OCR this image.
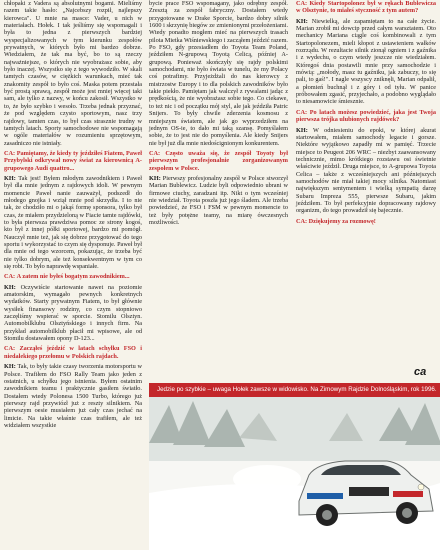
chłopaki z Vadera są absolutnymi bogami. Mieliśmy razem takie hasło: „Najcebszy rozpił, najlepszy kierowca". U mnie na masce: Vader, u nich w materiałach. Hołek. I tak jeśliśmy się wspomagali i była to jedna z pierwszych bardziej wyspecjalizowanych w tym kierunku zespołów prywatnych, w których było mi bardzo dobrze. Wiedziałem, że tak ma być, bo to są rzeczy najważniejsze, o których nie wyobrażasz sobie, aby było inaczej. Wszystko się z tego wywodziło. W skali tamtych czasów, w ciężkich warunkach, mieć tak znakomity zespół to było coś. Maska potem przestała być prostą sprawą, zespół może jest mniej więcej taki sam, ale tylko z nazwy, w końcu zakosił. Wszystko w to, że było szybko i wesoło. Trzeba jednak przyznać, że pod względem czysto sportowym, nasz trzy rajdowy, tamten czas, to był czas strasznie trudny w tamtych latach. Sporty samochodowe nie wspomagają w ogóle materiałów w rozumieniu sprzętowym, zasadniczo nie istniały.

CA: Pamiętamy, że kiedy ty jeździłeś Fiatem, Paweł Przybylski odkrywał nowy świat za kierownicą A-grupowego Audi quattro...

KH: Tak jest! Byłem młodym zawodnikiem i Paweł był dla mnie jednym z rajdowych idoli. W pewnym momencie Paweł nanie zauważył, podszedł do młodego gnojka i wziął mnie pod skrzydła. I to nie tak, że chodziło mi o jakąś formę sponsora, tylko był czas, że miałem przydzieloną w Fiacie tamte rajdówki, to była pierwsza prawdziwa pomoc ze strony kogoś, kto był z innej półki sportowej, bardzo mi pomógł. Nauczył mnie też, jak się dobrze przygotować do tego sportu i wykorzystać to czym się dysponuje. Paweł był dla mnie od tego wzorcem, pokazując, że trzeba być nie tylko dobrym, ale też konsekwentnym w tym co się robi. To było naprawdę wspaniałe.

CA: A zatem nie byłeś bogatym zawodnikiem...

KH: Oczywiście startowanie nawet na poziomie amatorskim, wymagało pewnych konkretnych wydatków. Starty prywatnym Fiatem, to był głównie wysiłek finansowy rodziny, co czym stopniowo zaczęliśmy wspierać w sporcie. Stomilu Olsztyn. Automobilklubu Olsztyńskiego i innych firm. Na przykład automobilklub płacił mi wpisowe, ale od Stomilu dostawałem opony D-123...

CA: Zacząłeś jeździć w latach schyłku FSO i niedalekiego przełomu w Polskich rajdach.

KH: Tak, to były takie czasy tworzenia motorsportu w Polsce. Trafiłem do FSO Rally Team jako jeden z ostatnich, u schyłku jego istnienia. Byłem ostatnim zawodnikiem teamu i praktycznie gasiłem światło. Dostałem wtedy Polonesa 1500 Turbo, którego już pierwszy rajd przywiózł już z reszty silnikiem. Na pierwszym oesie musiałem już cały czas jechać na limicie. Na takie właśnie czas trafiłem, ale też widziałem wszystkie

bycie prace FSO wspomagany, jako odrębny zespół. Zresztą za zespół fabryczny. Dostałem wtedy przygotowane w Drake Sporcie, bardzo dobry silnik 1600 i skrzynię biegów ze zmienionymi przełożeniami. Wtedy ponadto mogłem mieć na pierwszych trasach pilota Mietka Wiśniewskiego i zacząłem jeździć razem. Po FSO, gdy przesiadłem do Toyota Team Poland, jeździłem N-grupową Toyotą Celicą, później A-grupową. Ponieważ skończyły się rajdy polskimi samochodami, nie było świata w tunelu, że my Polacy coś potrafimy. Przyjeżdżali do nas kierowcy z mistrzostw Europy i to dla polskich zawodników było takie piekło. Pamiętam jak walczył z rywalami jadąc z prędkością, że nie wyobrażasz sobie tego. Co ciekawe, to też nic i od początku mój styl, ale jak jeździła Patric Snijers. To były chwile zderzenia kosmosu z mniejszym światem, ale jak go wyprzedziłem na jednym OS-ie, to dało mi taką szansę. Pomyślałem sobie, że to jest nie do pomyślenia. Ale kiedy Snijers nie był już dla mnie niedoścignionym konkurentem.

CA: Często uważa się, że zespół Toyoty był pierwszym profesjonalnie zorganizowanym zespołem w Polsce.

KH: Pierwszy profesjonalny zespół w Polsce stworzył Marian Bublewicz. Ludzie byli odpowiednio ubrani w firmowe ciuchy, zaradzani itp. Nikt o tym wcześniej nie wiedział. Toyota poszła już jego śladem. Ale trzeba powiedzieć, że FSO i FSM w pewnym momencie to też były potężne teamy, na miarę ówczesnych możliwości.

CA: Kiedy Startopolonez był w rękach Bublewicza w Olsztynie, to miałeś styczność z tym autem?

KH: Niewielką, ale zapamiętam to na całe życie. Marian zrobił mi dowcip przed całym warsztatem. Oto mechanicy Mariana ciągle coś kombinowali z tym Startopolonezem, mieli kłopot z ustawieniem wałków rozrządu. W rezultacie silnik zionął ogniem i z gaźnika i z wydechu, o czym wtedy jeszcze nie wiedziałem. Któregoś dnia postawili mnie przy samochodzie i mówią: „mołody, masz tu gaźniku, jak zabuczy, to się pali, to gaś!". I nagle wszyscy zniknęli, Marian odpalił, a płomień buchnął i z góry i od tyłu. W panice próbowałem zgasić, przyjechało, a podobno wyglądało to niesamowicie śmiesznie.

CA: Po latach możesz powiedzieć, jaka jest Twoja pierwsza trójka ulubionych rajdówek?

KH: W odniesieniu do epoki, w której akurat startowałem, miałem samochody legacie i gorsze. Niektóre wyjątkowo zapadły mi w pamięć. Trzecie miejsce to Peugeot 206 WRC – niezbyt zaawansowany technicznie, mimo krótkiego rozstawu osi świetnie właściwie jeździł. Druga miejsce, to A-grupowa Toyota Celica – także z wcześniejszych ani późniejszych samochodów nie miał takiej mocy silnika. Natomiast największym sentymentem i wielką sympatią darzę Subaru Impreza 555, pierwsze Subaru, jakim jeździłem. To był perfekcyjnie dopracowany rajdowy organizm, do tego prowadził się bajecznie.

CA: Dziękujemy za rozmowę!

ca
Jedzie po szybkie – uwaga Hołek zawsze w widowisko. Na Zimowym Rajdzie Dolnośląskim, rok 1996.
